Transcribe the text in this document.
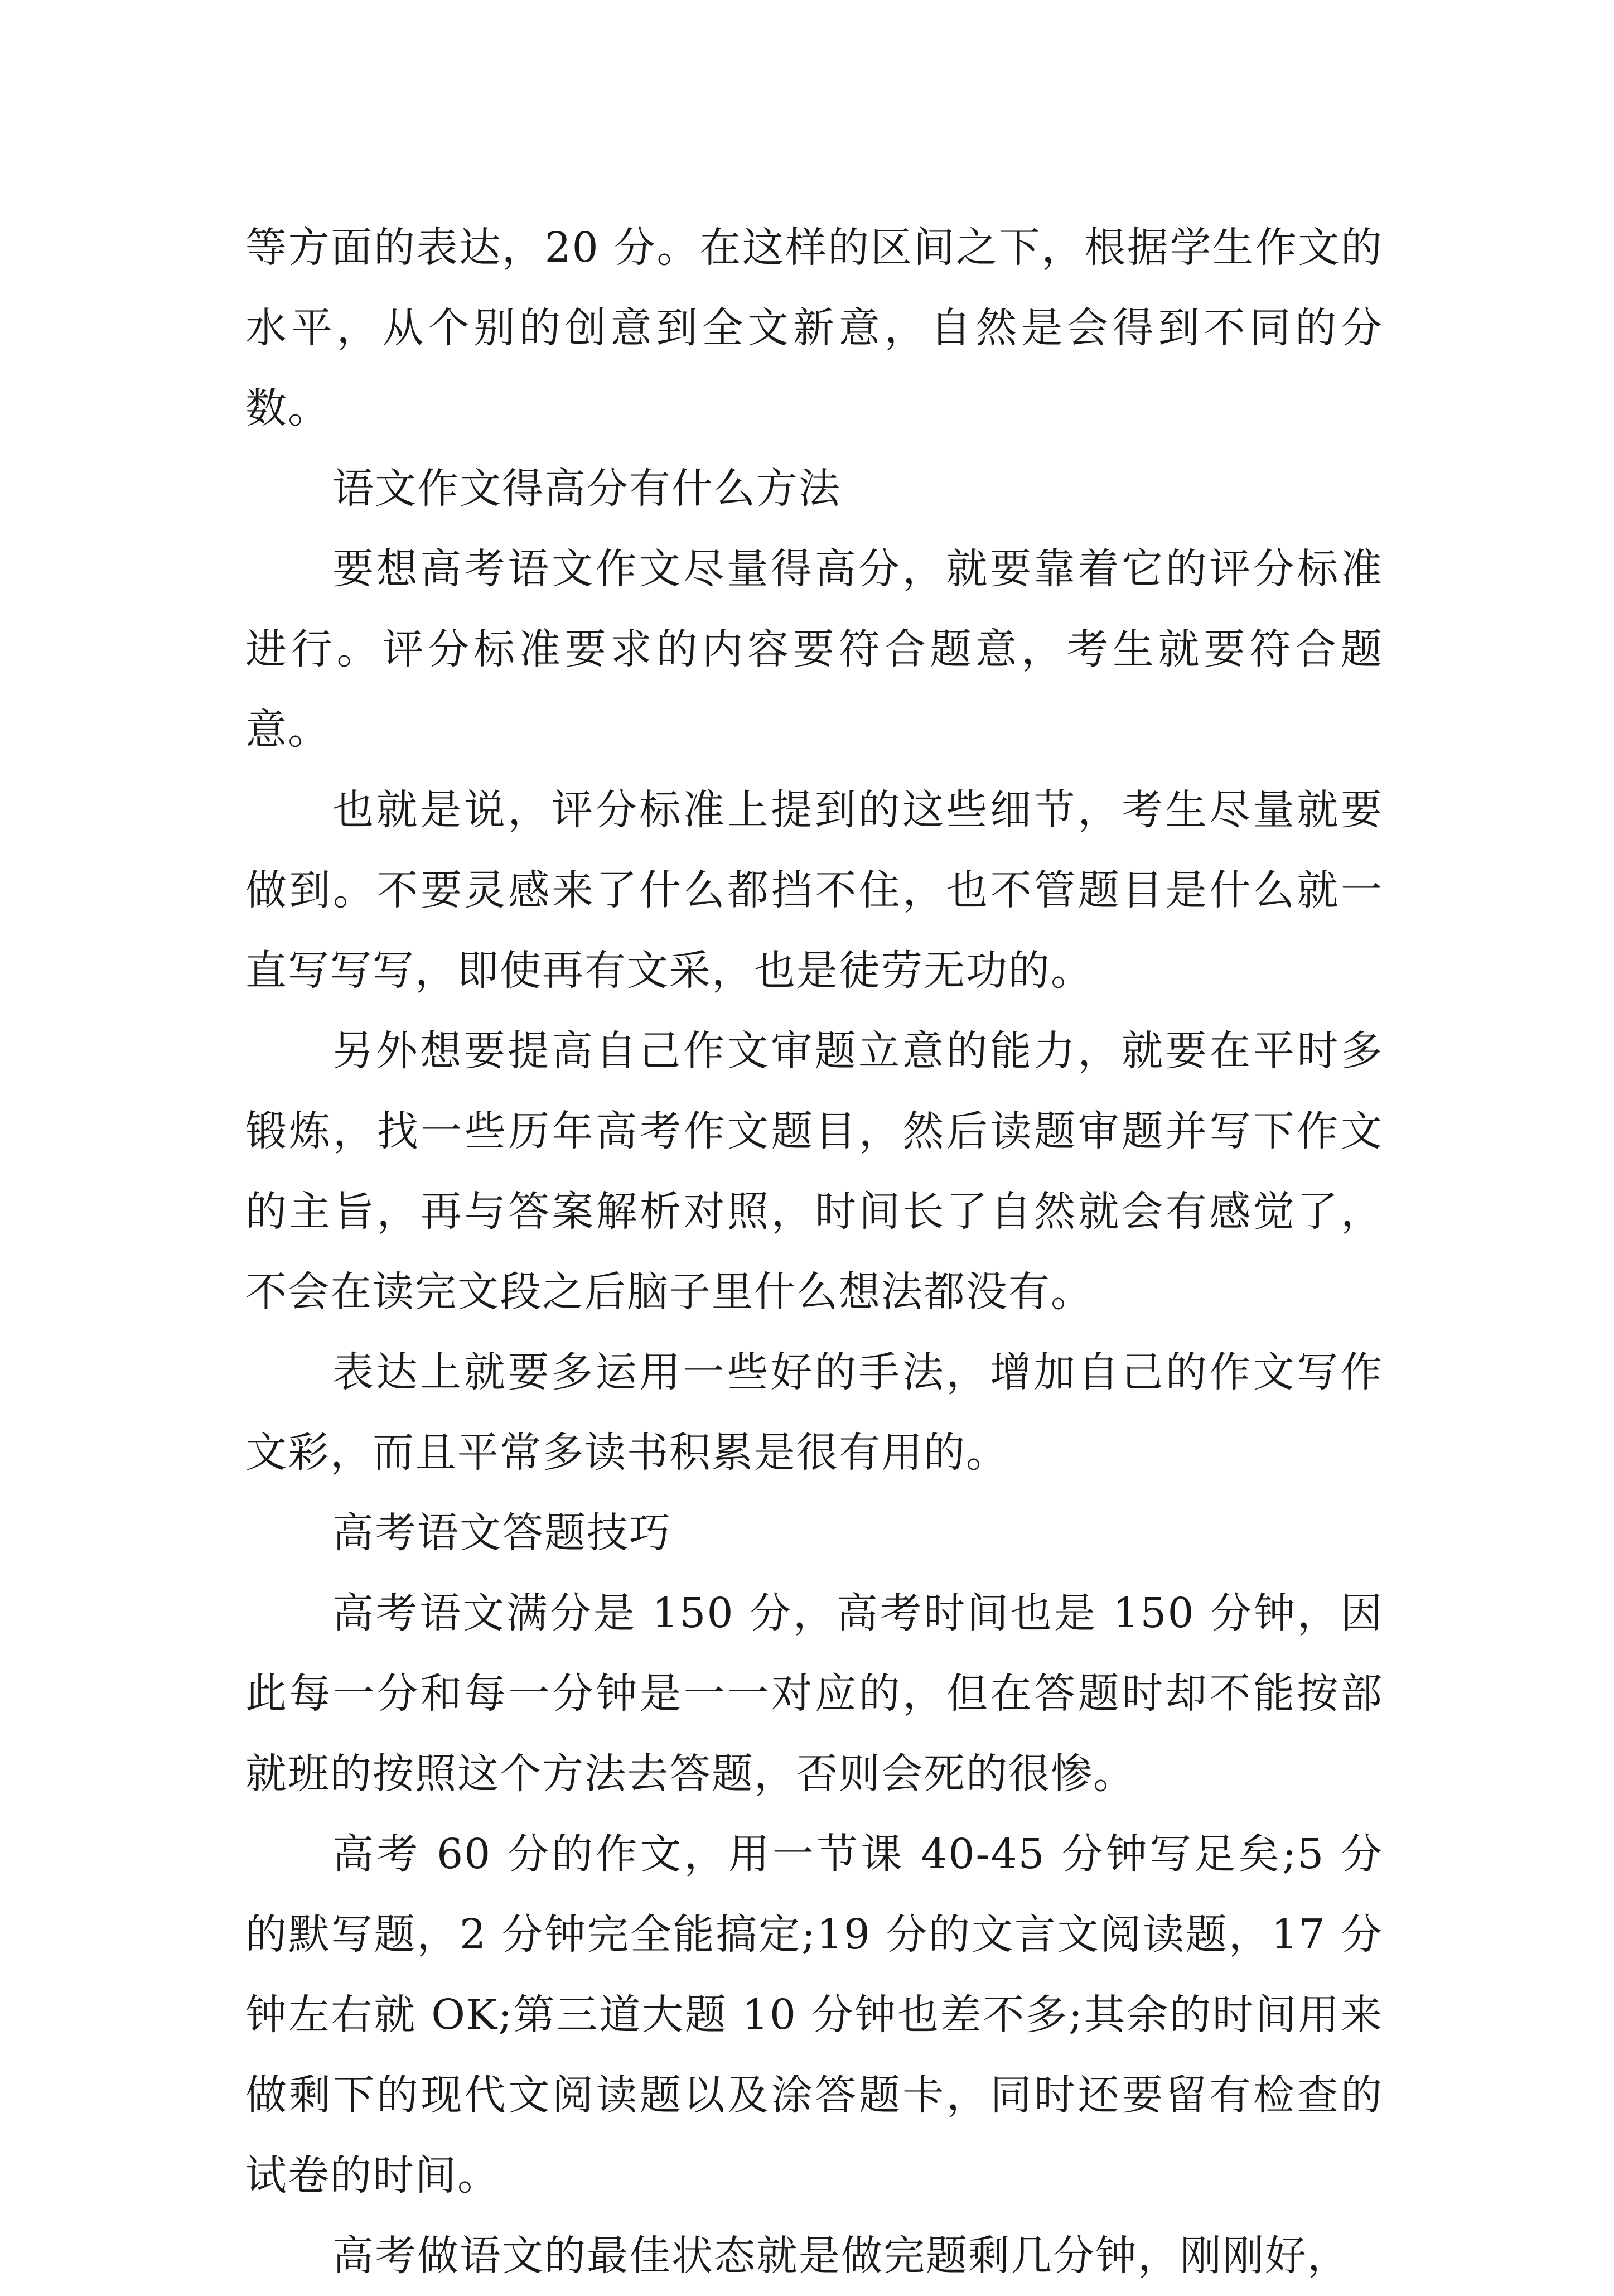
等方面的表达，20 分。在这样的区间之下，根据学生作文的水平，从个别的创意到全文新意，自然是会得到不同的分数。

语文作文得高分有什么方法

要想高考语文作文尽量得高分，就要靠着它的评分标准进行。评分标准要求的内容要符合题意，考生就要符合题意。

也就是说，评分标准上提到的这些细节，考生尽量就要做到。不要灵感来了什么都挡不住，也不管题目是什么就一直写写写，即使再有文采，也是徒劳无功的。

另外想要提高自己作文审题立意的能力，就要在平时多锻炼，找一些历年高考作文题目，然后读题审题并写下作文的主旨，再与答案解析对照，时间长了自然就会有感觉了，不会在读完文段之后脑子里什么想法都没有。

表达上就要多运用一些好的手法，增加自己的作文写作文彩，而且平常多读书积累是很有用的。

高考语文答题技巧

高考语文满分是 150 分，高考时间也是 150 分钟，因此每一分和每一分钟是一一对应的，但在答题时却不能按部就班的按照这个方法去答题，否则会死的很惨。

高考 60 分的作文，用一节课 40-45 分钟写足矣;5 分的默写题，2 分钟完全能搞定;19 分的文言文阅读题，17 分钟左右就 OK;第三道大题 10 分钟也差不多;其余的时间用来做剩下的现代文阅读题以及涂答题卡，同时还要留有检查的试卷的时间。

高考做语文的最佳状态就是做完题剩几分钟，刚刚好，
